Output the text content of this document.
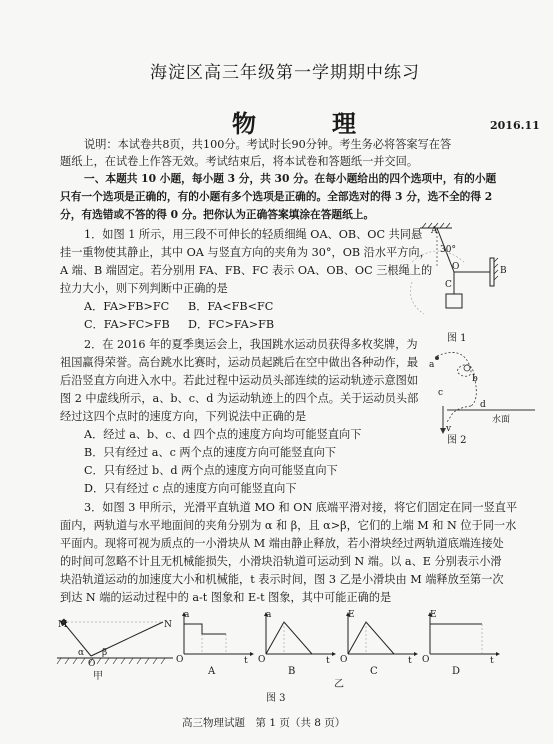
海淀区高三年级第一学期期中练习
物　理	2016.11
说明：本试卷共8页，共100分。考试时长90分钟。考生务必将答案写在答
题纸上，在试卷上作答无效。考试结束后，将本试卷和答题纸一并交回。
一、本题共 10 小题，每小题 3 分，共 30 分。在每小题给出的四个选项中，有的小题
只有一个选项是正确的，有的小题有多个选项是正确的。全部选对的得 3 分，选不全的得 2
分，有选错或不答的得 0 分。把你认为正确答案填涂在答题纸上。
1．如图 1 所示，用三段不可伸长的轻质细绳 OA、OB、OC 共同悬
挂一重物使其静止，其中 OA 与竖直方向的夹角为 30°，OB 沿水平方向，
A 端、B 端固定。若分别用 FA、FB、FC 表示 OA、OB、OC 三根绳上的
拉力大小，则下列判断中正确的是
A．FA>FB>FC B．FA<FB<FC
C．FA>FC>FB D．FC>FA>FB
A
30°
O	B
C
图 1
2．在 2016 年的夏季奥运会上，我国跳水运动员获得多枚奖牌，为
祖国赢得荣誉。高台跳水比赛时，运动员起跳后在空中做出各种动作，最
后沿竖直方向进入水中。若此过程中运动员头部连续的运动轨迹示意图如
图 2 中虚线所示，a、b、c、d 为运动轨迹上的四个点。关于运动员头部
经过这四个点时的速度方向，下列说法中正确的是
A．经过 a、b、c、d 四个点的速度方向均可能竖直向下
B．只有经过 a、c 两个点的速度方向可能竖直向下
C．只有经过 b、d 两个点的速度方向可能竖直向下
D．只有经过 c 点的速度方向可能竖直向下
a
b
c
d
水面
v
图 2
3．如图 3 甲所示，光滑平直轨道 MO 和 ON 底端平滑对接，将它们固定在同一竖直平
面内，两轨道与水平地面间的夹角分别为 α 和 β，且 α>β，它们的上端 M 和 N 位于同一水
平面内。现将可视为质点的一小滑块从 M 端由静止释放，若小滑块经过两轨道底端连接处
的时间可忽略不计且无机械能损失，小滑块沿轨道可运动到 N 端。以 a、E 分别表示小滑
块沿轨道运动的加速度大小和机械能，t 表示时间，图 3 乙是小滑块由 M 端释放至第一次
到达 N 端的运动过程中的 a-t 图象和 E-t 图象，其中可能正确的是
M	N
O
α β
甲
a
O	t
A
a
O	t
B
E
O	t
C
E
O	t
D
乙
图 3
高三物理试题　第 1 页（共 8 页）
